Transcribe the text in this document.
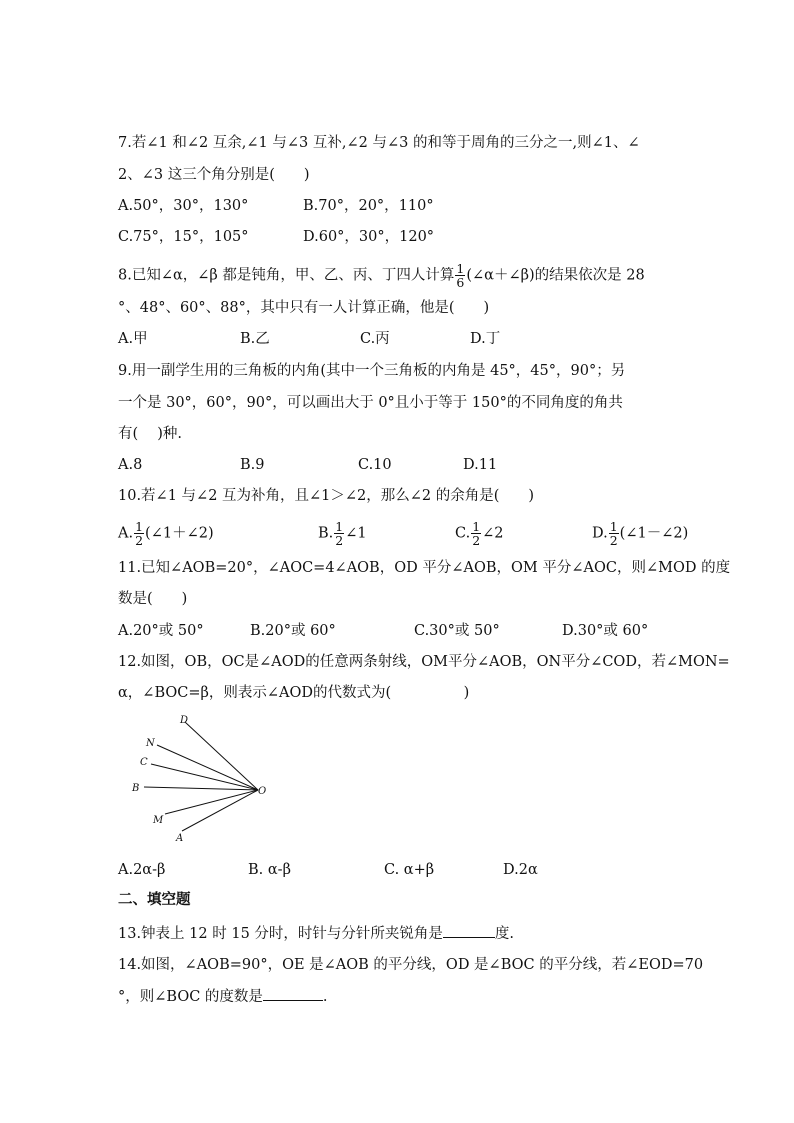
7.若∠1 和∠2 互余,∠1 与∠3 互补,∠2 与∠3 的和等于周角的三分之一,则∠1、∠
2、∠3 这三个角分别是(　　)
A.50°，30°，130°	B.70°，20°，110°
C.75°，15°，105°	D.60°，30°，120°
8.已知∠α，∠β 都是钝角，甲、乙、丙、丁四人计算 $\frac{1}{6}$ (∠α＋∠β)的结果依次是 28
°、48°、60°、88°，其中只有一人计算正确，他是(　　)
A.甲	B.乙	C.丙	D.丁
9.用一副学生用的三角板的内角(其中一个三角板的内角是 45°，45°，90°；另
一个是 30°，60°，90°，可以画出大于 0°且小于等于 150°的不同角度的角共
有(　 )种.
A.8	B.9	C.10	D.11
10.若∠1 与∠2 互为补角，且∠1＞∠2，那么∠2 的余角是(　　)
A. $\frac{1}{2}$ (∠1＋∠2)	B. $\frac{1}{2}$ ∠1	C. $\frac{1}{2}$ ∠2	D. $\frac{1}{2}$ (∠1－∠2)
11.已知∠AOB=20°，∠AOC=4∠AOB，OD 平分∠AOB，OM 平分∠AOC，则∠MOD 的度
数是(　　)
A.20°或 50°	B.20°或 60°	C.30°或 50°	D.30°或 60°
12.如图，OB，OC是∠AOD的任意两条射线，OM平分∠AOB，ON平分∠COD，若∠MON=
α，∠BOC=β，则表示∠AOD的代数式为(　　　　　)
D
N
C
B
M
A
O
A.2α-β	B. α-β	C. α+β	D.2α
二、填空题
13.钟表上 12 时 15 分时，时针与分针所夹锐角是	度.
14.如图，∠AOB=90°，OE 是∠AOB 的平分线，OD 是∠BOC 的平分线，若∠EOD=70
°，则∠BOC 的度数是	.
